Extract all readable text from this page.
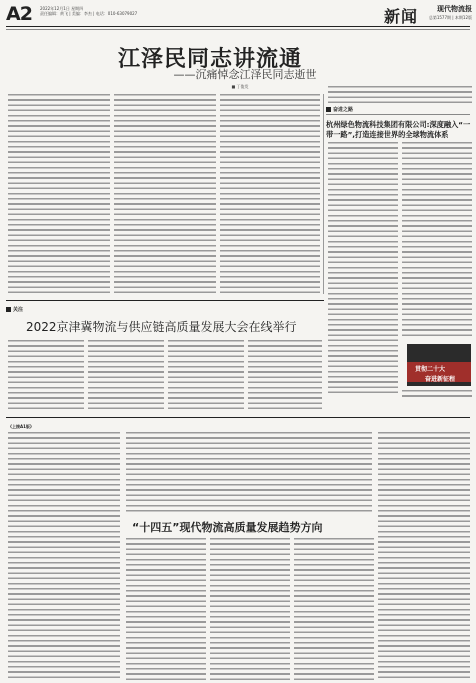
A2 2022年12月1日 星期四
责任编辑：黄飞 | 美编：李杰 | 电话：010-63079027	新闻	现代物流报
总第1577期 | 本期12版
江泽民同志讲流通
——沉痛悼念江泽民同志逝世
■ 丁俊发
奋进之路
杭州绿色物流科技集团有限公司:深度融入“一带一路”,打造连接世界的全球物流体系
贯彻二十大
奋进新征程
关注
2022京津冀物流与供应链高质量发展大会在线举行
《上接A1版》
“十四五”现代物流高质量发展趋势方向
